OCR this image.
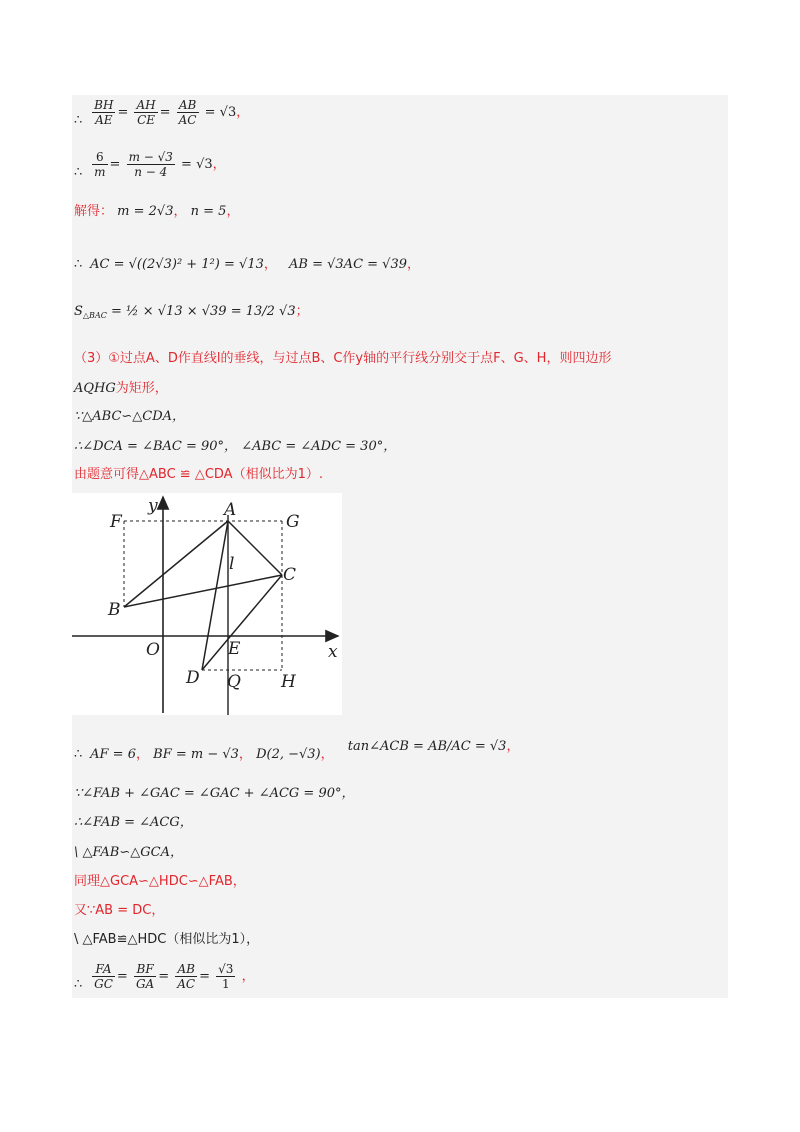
∴ $\frac{BH}{AE} = \frac{AH}{CE} = \frac{AB}{AC} = √3$，
∴ $\frac{6}{m} = \frac{m - √3}{n - 4} = √3$，
解得： m = 2√3， n = 5，
∴ AC = √((2√3)² + 1²) = √13， AB = √3AC = √39，
$S_{\triangle BAC}$ = ½ × √13 × √39 = 13/2 √3；
（3）①过点A、D作直线l的垂线，与过点B、C作y轴的平行线分别交于点F、G、H，则四边形
AQHG为矩形，
∵△ABC∽△CDA，
∴∠DCA = ∠BAC = 90°， ∠ABC = ∠ADC = 30°，
由题意可得△ABC ≌ △CDA（相似比为1）.
y
x
O
A
B
C
D
E
F	G
H
Q
l
∴ AF = 6， BF = m − √3， D(2, −√3)， tan∠ACB = AB/AC = √3，
∵∠FAB + ∠GAC = ∠GAC + ∠ACG = 90°，
∴∠FAB = ∠ACG，
\ △FAB∽△GCA，
同理△GCA∽△HDC∽△FAB，
又∵AB = DC，
\ △FAB≌△HDC（相似比为1），
∴ $\frac{FA}{GC} = \frac{BF}{GA} = \frac{AB}{AC} = \frac{√3}{1}$ ，
